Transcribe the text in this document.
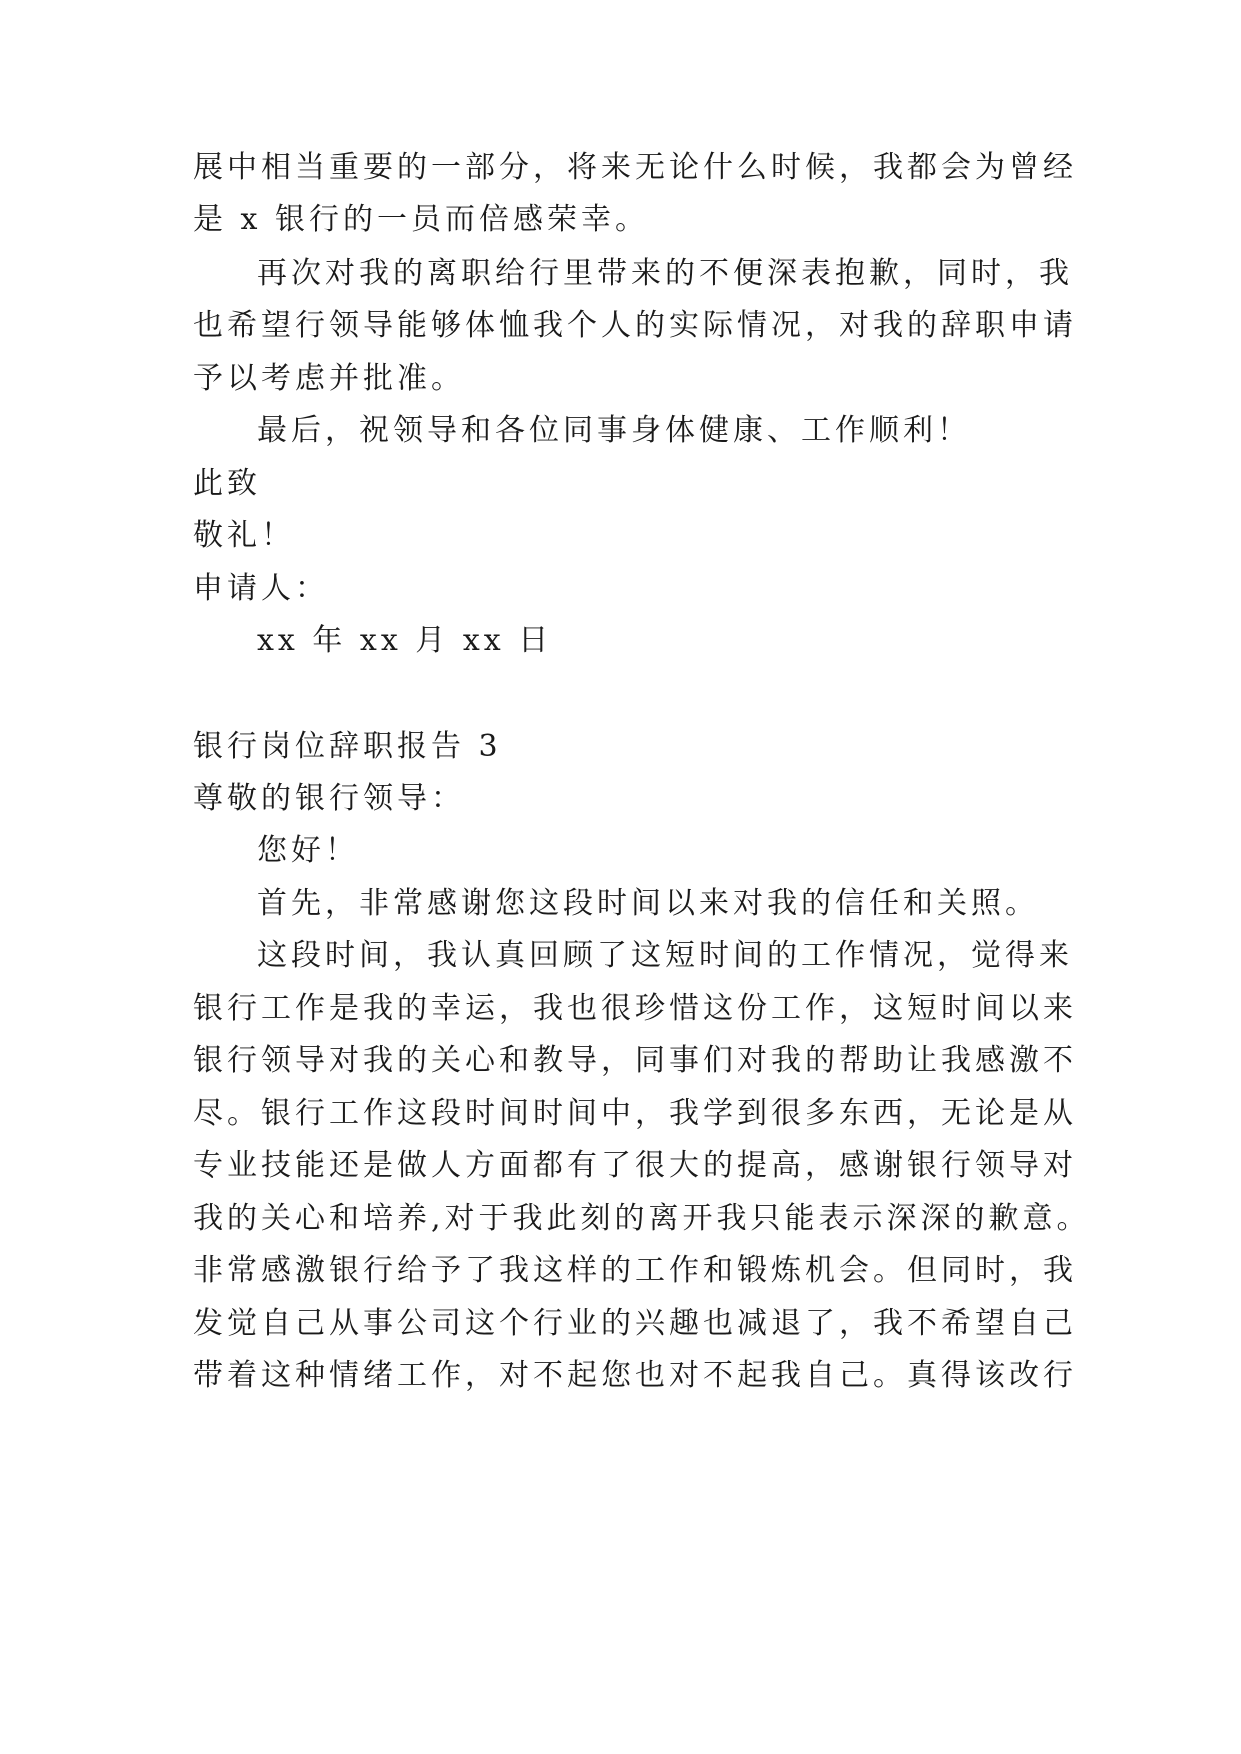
展中相当重要的一部分，将来无论什么时候，我都会为曾经
是 x 银行的一员而倍感荣幸。
再次对我的离职给行里带来的不便深表抱歉，同时，我
也希望行领导能够体恤我个人的实际情况，对我的辞职申请
予以考虑并批准。
最后，祝领导和各位同事身体健康、工作顺利！
此致
敬礼！
申请人：
xx 年 xx 月 xx 日
银行岗位辞职报告 3
尊敬的银行领导：
您好！
首先，非常感谢您这段时间以来对我的信任和关照。
这段时间，我认真回顾了这短时间的工作情况，觉得来
银行工作是我的幸运，我也很珍惜这份工作，这短时间以来
银行领导对我的关心和教导，同事们对我的帮助让我感激不
尽。银行工作这段时间时间中，我学到很多东西，无论是从
专业技能还是做人方面都有了很大的提高，感谢银行领导对
我的关心和培养,对于我此刻的离开我只能表示深深的歉意。
非常感激银行给予了我这样的工作和锻炼机会。但同时，我
发觉自己从事公司这个行业的兴趣也减退了，我不希望自己
带着这种情绪工作，对不起您也对不起我自己。真得该改行
